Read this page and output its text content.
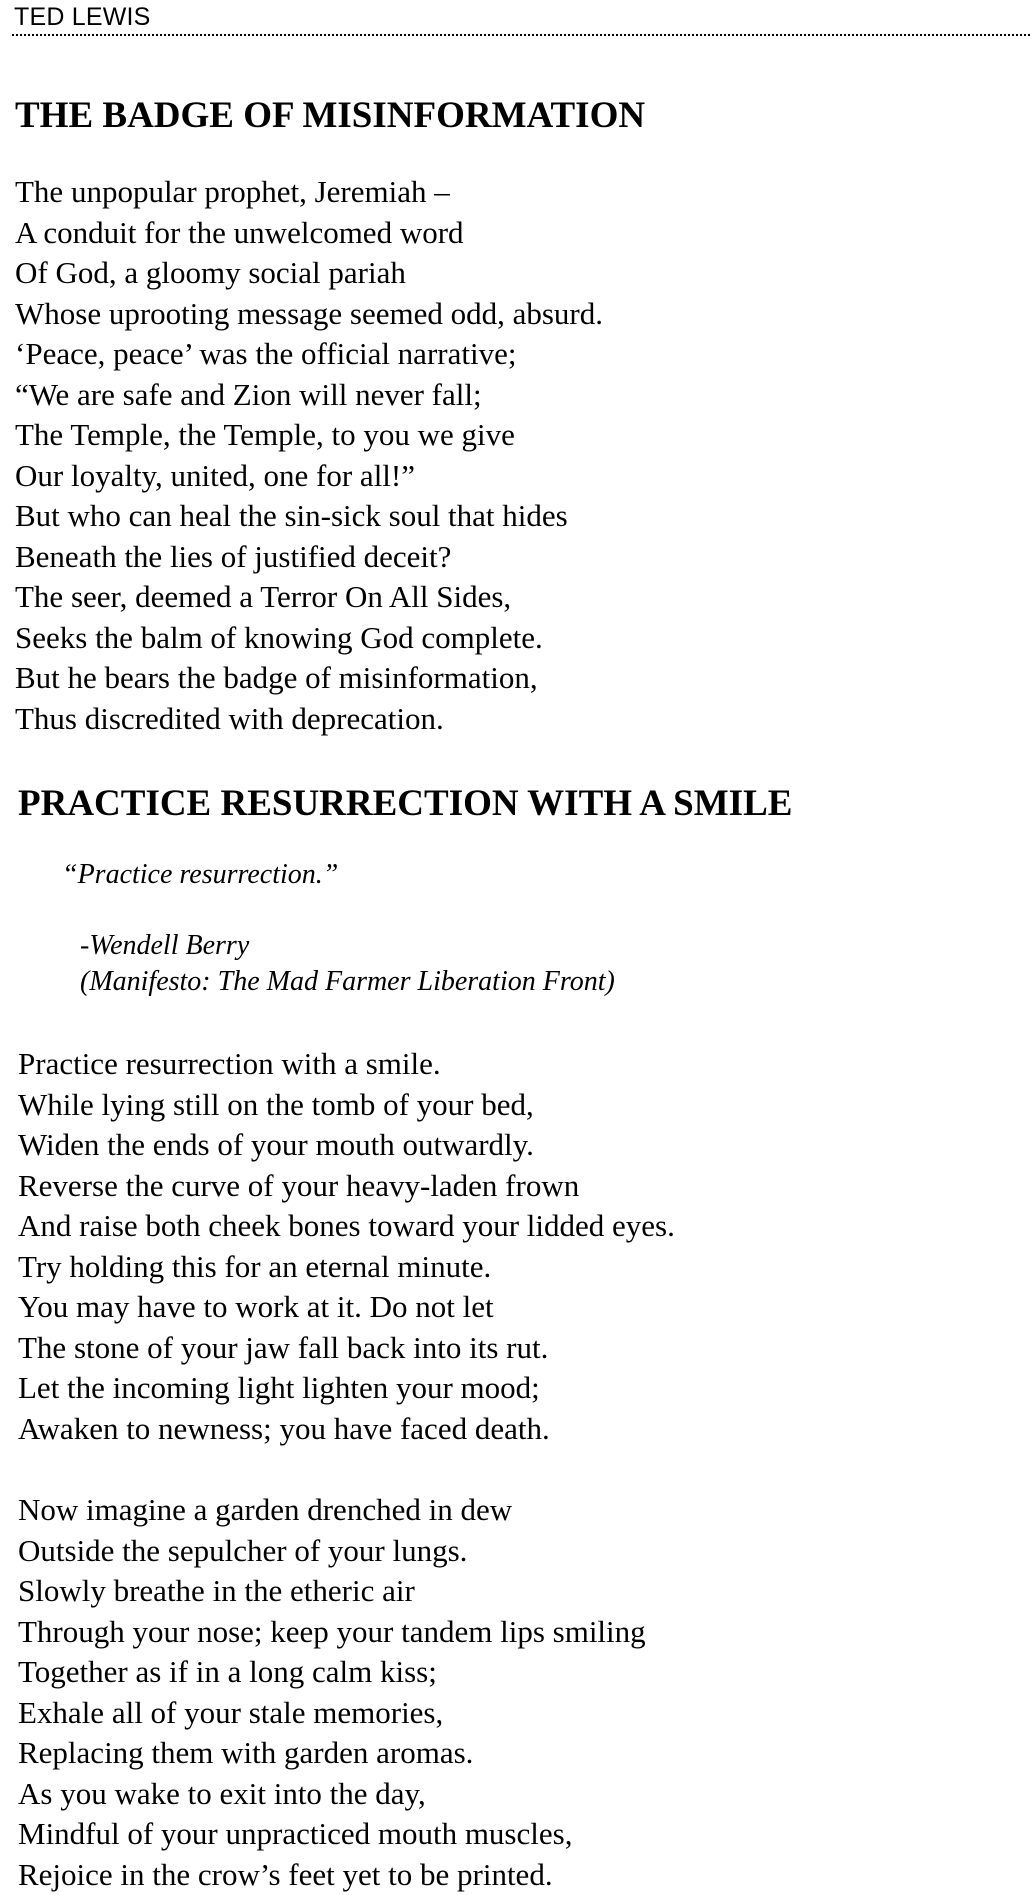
TED LEWIS
THE BADGE OF MISINFORMATION
The unpopular prophet, Jeremiah –
A conduit for the unwelcomed word
Of God, a gloomy social pariah
Whose uprooting message seemed odd, absurd.
‘Peace, peace’ was the official narrative;
“We are safe and Zion will never fall;
The Temple, the Temple, to you we give
Our loyalty, united, one for all!”
But who can heal the sin-sick soul that hides
Beneath the lies of justified deceit?
The seer, deemed a Terror On All Sides,
Seeks the balm of knowing God complete.
But he bears the badge of misinformation,
Thus discredited with deprecation.
PRACTICE RESURRECTION WITH A SMILE
“Practice resurrection.”
-Wendell Berry
(Manifesto: The Mad Farmer Liberation Front)
Practice resurrection with a smile.
While lying still on the tomb of your bed,
Widen the ends of your mouth outwardly.
Reverse the curve of your heavy-laden frown
And raise both cheek bones toward your lidded eyes.
Try holding this for an eternal minute.
You may have to work at it. Do not let
The stone of your jaw fall back into its rut.
Let the incoming light lighten your mood;
Awaken to newness; you have faced death.
Now imagine a garden drenched in dew
Outside the sepulcher of your lungs.
Slowly breathe in the etheric air
Through your nose; keep your tandem lips smiling
Together as if in a long calm kiss;
Exhale all of your stale memories,
Replacing them with garden aromas.
As you wake to exit into the day,
Mindful of your unpracticed mouth muscles,
Rejoice in the crow’s feet yet to be printed.
